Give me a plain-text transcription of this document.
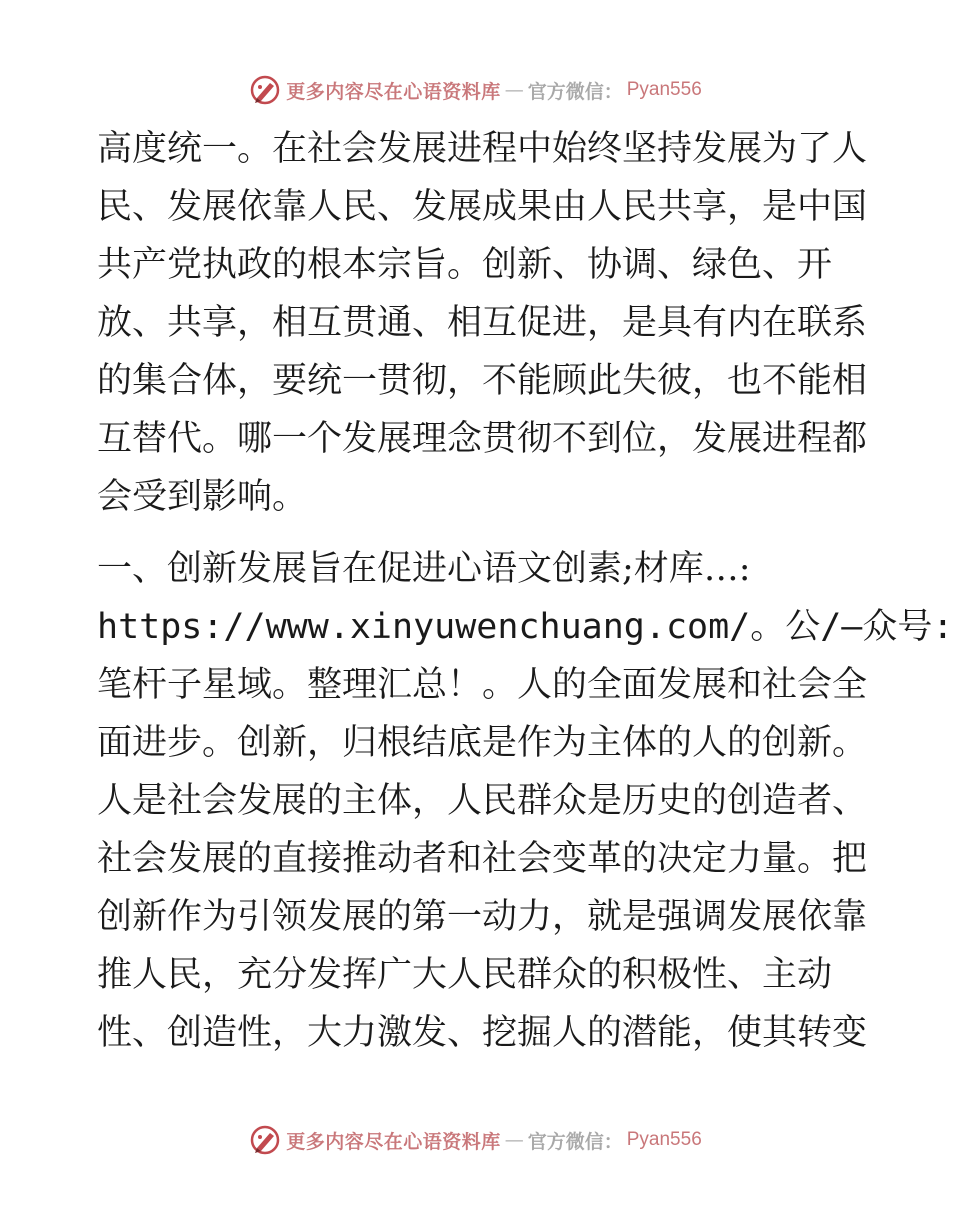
更多内容尽在心语资料库 — 官方微信： Pyan556
高度统一。在社会发展进程中始终坚持发展为了人
民、发展依靠人民、发展成果由人民共享，是中国
共产党执政的根本宗旨。创新、协调、绿色、开
放、共享，相互贯通、相互促进，是具有内在联系
的集合体，要统一贯彻，不能顾此失彼，也不能相
互替代。哪一个发展理念贯彻不到位，发展进程都
会受到影响。
一、创新发展旨在促进心语文创素;材库…:
https://www.xinyuwenchuang.com/。公/—众号:
笔杆子星域。整理汇总！。人的全面发展和社会全
面进步。创新，归根结底是作为主体的人的创新。
人是社会发展的主体，人民群众是历史的创造者、
社会发展的直接推动者和社会变革的决定力量。把
创新作为引领发展的第一动力，就是强调发展依靠
推人民，充分发挥广大人民群众的积极性、主动
性、创造性，大力激发、挖掘人的潜能，使其转变
更多内容尽在心语资料库 — 官方微信： Pyan556
